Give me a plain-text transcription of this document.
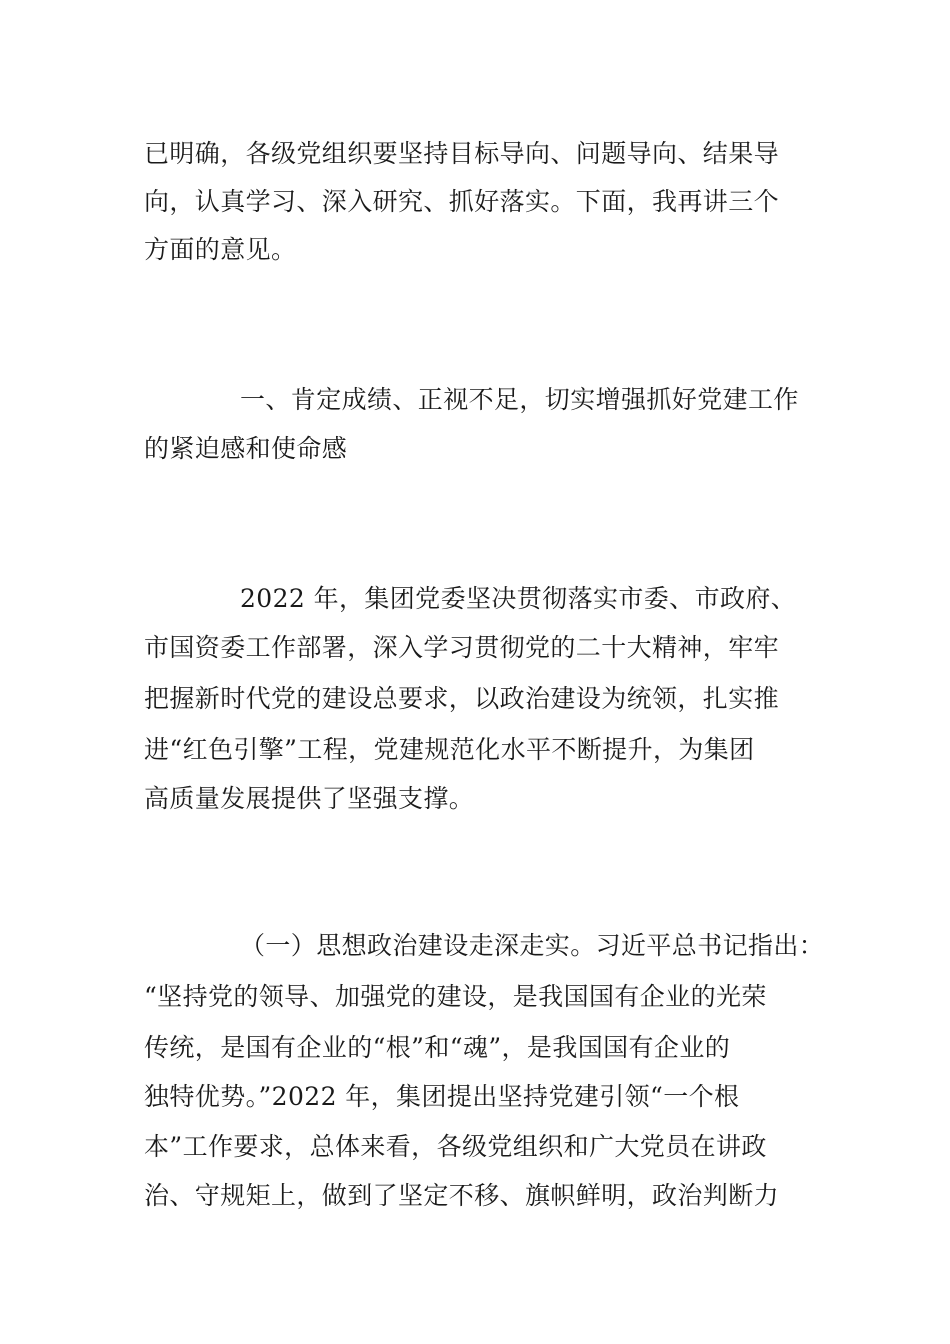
已明确，各级党组织要坚持目标导向、问题导向、结果导
向，认真学习、深入研究、抓好落实。下面，我再讲三个
方面的意见。
一、肯定成绩、正视不足，切实增强抓好党建工作
的紧迫感和使命感
2022 年，集团党委坚决贯彻落实市委、市政府、
市国资委工作部署，深入学习贯彻党的二十大精神，牢牢
把握新时代党的建设总要求，以政治建设为统领，扎实推
进“红色引擎”工程，党建规范化水平不断提升，为集团
高质量发展提供了坚强支撑。
（一）思想政治建设走深走实。习近平总书记指出：
“坚持党的领导、加强党的建设，是我国国有企业的光荣
传统，是国有企业的“根”和“魂”，是我国国有企业的
独特优势。”2022 年，集团提出坚持党建引领“一个根
本”工作要求，总体来看，各级党组织和广大党员在讲政
治、守规矩上，做到了坚定不移、旗帜鲜明，政治判断力
